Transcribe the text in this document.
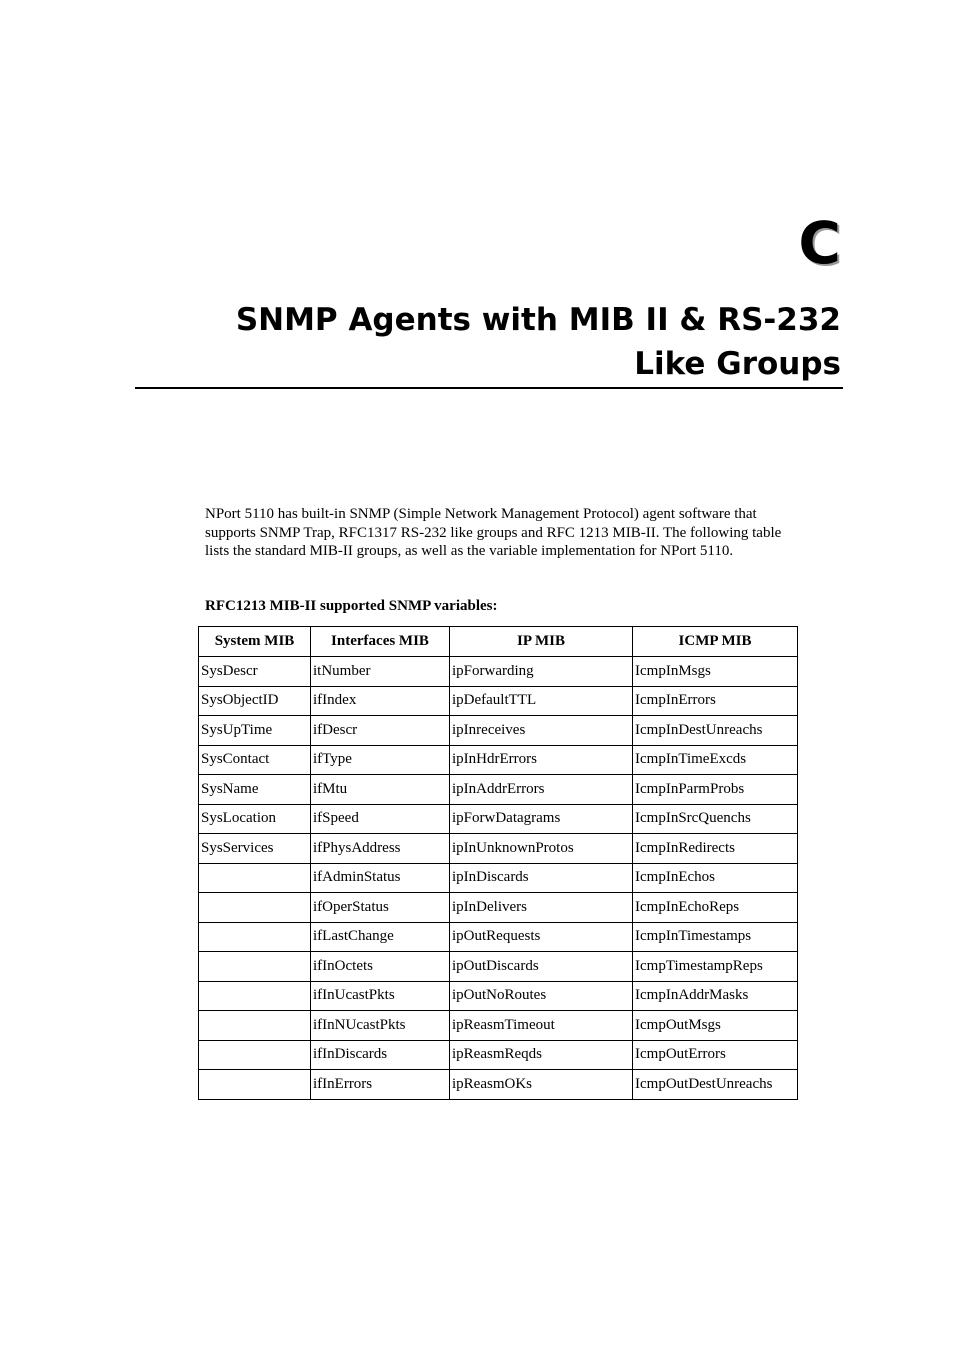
C
SNMP Agents with MIB II & RS-232
Like Groups
NPort 5110 has built-in SNMP (Simple Network Management Protocol) agent software that
supports SNMP Trap, RFC1317 RS-232 like groups and RFC 1213 MIB-II. The following table
lists the standard MIB-II groups, as well as the variable implementation for NPort 5110.
RFC1213 MIB-II supported SNMP variables:
System MIB	Interfaces MIB	IP MIB	ICMP MIB
SysDescr	itNumber	ipForwarding	IcmpInMsgs
SysObjectID	ifIndex	ipDefaultTTL	IcmpInErrors
SysUpTime	ifDescr	ipInreceives	IcmpInDestUnreachs
SysContact	ifType	ipInHdrErrors	IcmpInTimeExcds
SysName	ifMtu	ipInAddrErrors	IcmpInParmProbs
SysLocation	ifSpeed	ipForwDatagrams	IcmpInSrcQuenchs
SysServices	ifPhysAddress	ipInUnknownProtos	IcmpInRedirects
	ifAdminStatus	ipInDiscards	IcmpInEchos
	ifOperStatus	ipInDelivers	IcmpInEchoReps
	ifLastChange	ipOutRequests	IcmpInTimestamps
	ifInOctets	ipOutDiscards	IcmpTimestampReps
	ifInUcastPkts	ipOutNoRoutes	IcmpInAddrMasks
	ifInNUcastPkts	ipReasmTimeout	IcmpOutMsgs
	ifInDiscards	ipReasmReqds	IcmpOutErrors
	ifInErrors	ipReasmOKs	IcmpOutDestUnreachs
